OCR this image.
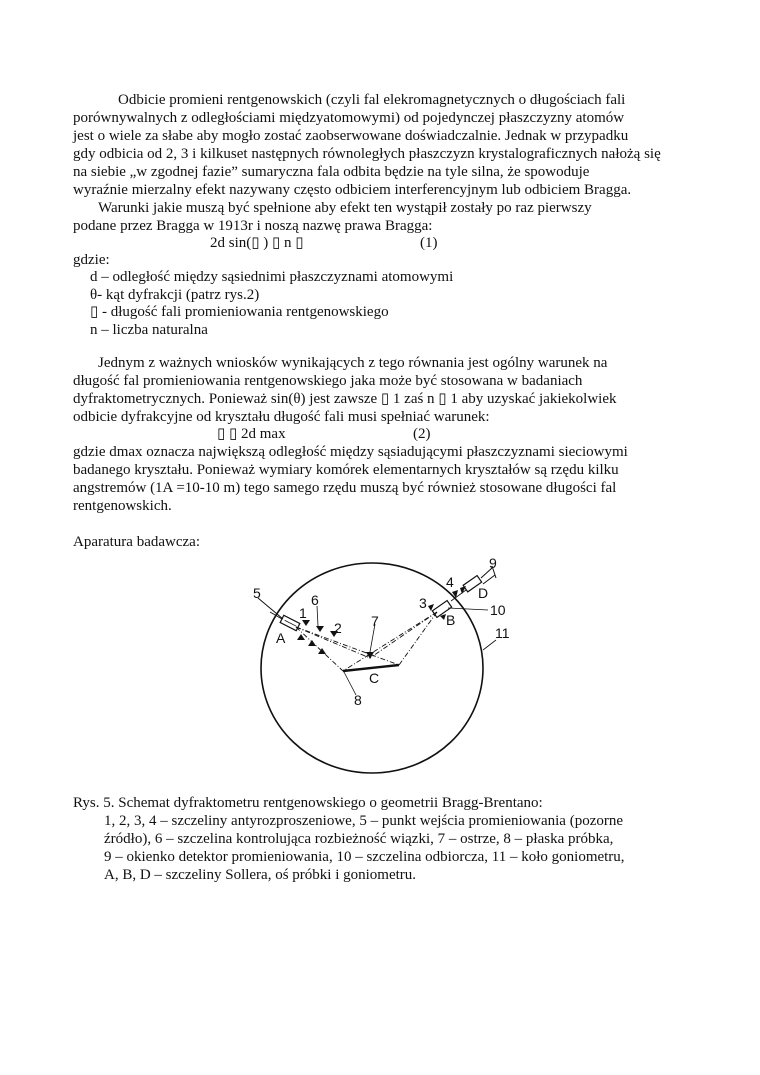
Odbicie promieni rentgenowskich (czyli fal elekromagnetycznych o długościach fali
porównywalnych z odległościami międzyatomowymi) od pojedynczej płaszczyzny atomów
jest o wiele za słabe aby mogło zostać zaobserwowane doświadczalnie. Jednak w przypadku
gdy odbicia od 2, 3 i kilkuset następnych równoległych płaszczyzn krystalograficznych nałożą się
na siebie „w zgodnej fazie” sumaryczna fala odbita będzie na tyle silna, że spowoduje
wyraźnie mierzalny efekt nazywany często odbiciem interferencyjnym lub odbiciem Bragga.
Warunki jakie muszą być spełnione aby efekt ten wystąpił zostały po raz pierwszy
podane przez Bragga w 1913r i noszą nazwę prawa Bragga:
2d sin(▯ ) ▯ n ▯	(1)
gdzie:
d – odległość między sąsiednimi płaszczyznami atomowymi
θ- kąt dyfrakcji (patrz rys.2)
▯ - długość fali promieniowania rentgenowskiego
n – liczba naturalna
Jednym z ważnych wniosków wynikających z tego równania jest ogólny warunek na
długość fal promieniowania rentgenowskiego jaka może być stosowana w badaniach
dyfraktometrycznych. Ponieważ sin(θ) jest zawsze ▯ 1 zaś n ▯ 1 aby uzyskać jakiekolwiek
odbicie dyfrakcyjne od kryształu długość fali musi spełniać warunek:
▯ ▯ 2d max	(2)
gdzie dmax oznacza największą odległość między sąsiadującymi płaszczyznami sieciowymi
badanego kryształu. Ponieważ wymiary komórek elementarnych kryształów są rzędu kilku
angstremów (1A =10-10 m) tego samego rzędu muszą być również stosowane długości fal
rentgenowskich.
Aparatura badawcza:
5
1
6
2 7
8
A
C
3
B
4
D
9
10
11
Rys. 5. Schemat dyfraktometru rentgenowskiego o geometrii Bragg-Brentano:
1, 2, 3, 4 – szczeliny antyrozproszeniowe, 5 – punkt wejścia promieniowania (pozorne
źródło), 6 – szczelina kontrolująca rozbieżność wiązki, 7 – ostrze, 8 – płaska próbka,
9 – okienko detektor promieniowania, 10 – szczelina odbiorcza, 11 – koło goniometru,
A, B, D – szczeliny Sollera, oś próbki i goniometru.
